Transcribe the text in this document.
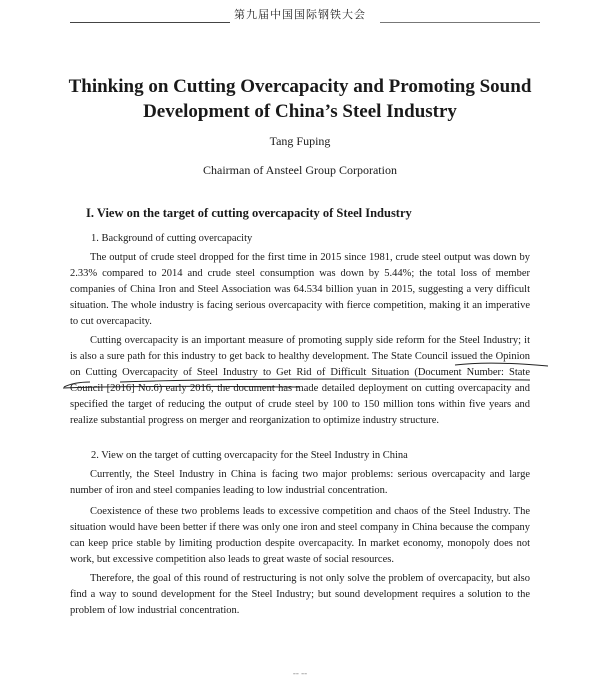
第九届中国国际钢铁大会
Thinking on Cutting Overcapacity and Promoting Sound
Development of China’s Steel Industry
Tang Fuping
Chairman of Ansteel Group Corporation
I. View on the target of cutting overcapacity of Steel Industry

1. Background of cutting overcapacity

The output of crude steel dropped for the first time in 2015 since 1981, crude steel output was down by 2.33% compared to 2014 and crude steel consumption was down by 5.44%; the total loss of member companies of China Iron and Steel Association was 64.534 billion yuan in 2015, suggesting a very difficult situation. The whole industry is facing serious overcapacity with fierce competition, making it an imperative to cut overcapacity.

Cutting overcapacity is an important measure of promoting supply side reform for the Steel Industry; it is also a sure path for this industry to get back to healthy development. The State Council issued the Opinion on Cutting Overcapacity of Steel Industry to Get Rid of Difficult Situation (Document Number: State Council [2016] No.6) early 2016, the document has made detailed deployment on cutting overcapacity and specified the target of reducing the output of crude steel by 100 to 150 million tons within five years and realize substantial progress on merger and reorganization to optimize industry structure.

2. View on the target of cutting overcapacity for the Steel Industry in China

Currently, the Steel Industry in China is facing two major problems: serious overcapacity and large number of iron and steel companies leading to low industrial concentration.

Coexistence of these two problems leads to excessive competition and chaos of the Steel Industry. The situation would have been better if there was only one iron and steel company in China because the company can keep price stable by limiting production despite overcapacity. In market economy, monopoly does not work, but excessive competition also leads to great waste of social resources.

Therefore, the goal of this round of restructuring is not only solve the problem of overcapacity, but also find a way to sound development for the Steel Industry; but sound development requires a solution to the problem of low industrial concentration.

-- --
